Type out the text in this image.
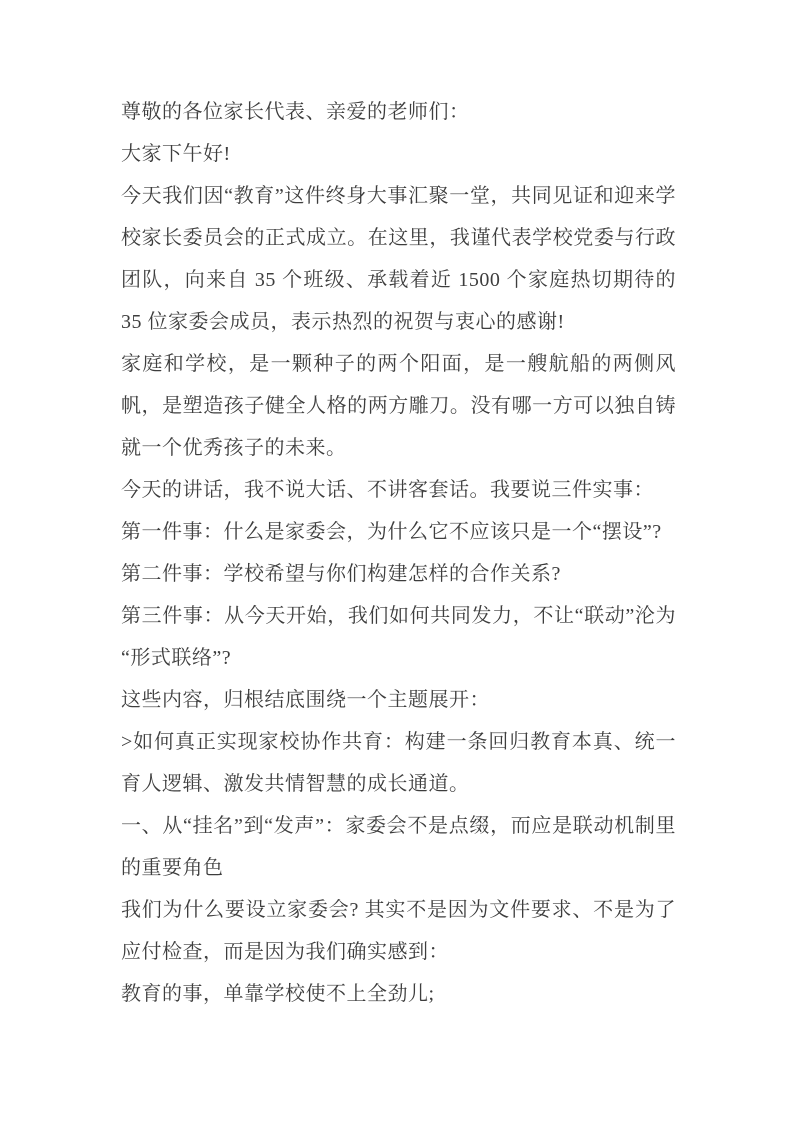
尊敬的各位家长代表、亲爱的老师们：

大家下午好!

今天我们因“教育”这件终身大事汇聚一堂，共同见证和迎来学校家长委员会的正式成立。在这里，我谨代表学校党委与行政团队，向来自 35 个班级、承载着近 1500 个家庭热切期待的 35 位家委会成员，表示热烈的祝贺与衷心的感谢!

家庭和学校，是一颗种子的两个阳面，是一艘航船的两侧风帆，是塑造孩子健全人格的两方雕刀。没有哪一方可以独自铸就一个优秀孩子的未来。

今天的讲话，我不说大话、不讲客套话。我要说三件实事：

第一件事：什么是家委会，为什么它不应该只是一个“摆设”?

第二件事：学校希望与你们构建怎样的合作关系?

第三件事：从今天开始，我们如何共同发力，不让“联动”沦为“形式联络”?

这些内容，归根结底围绕一个主题展开：

>如何真正实现家校协作共育：构建一条回归教育本真、统一育人逻辑、激发共情智慧的成长通道。

一、从“挂名”到“发声”：家委会不是点缀，而应是联动机制里的重要角色

我们为什么要设立家委会? 其实不是因为文件要求、不是为了应付检查，而是因为我们确实感到：

教育的事，单靠学校使不上全劲儿;
